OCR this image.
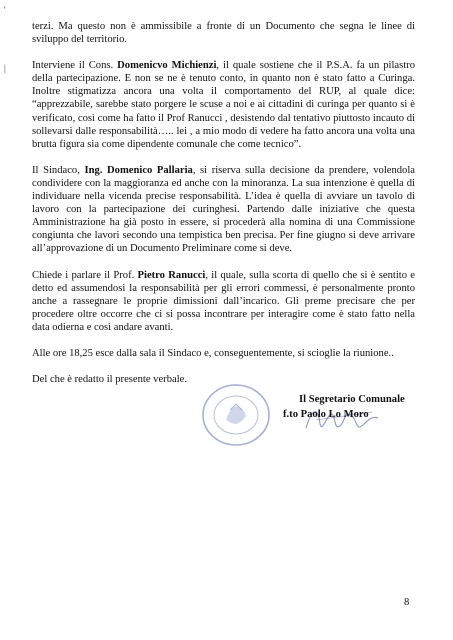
'
|

terzi. Ma questo non è ammissibile a fronte di un Documento che segna le linee di sviluppo del territorio.

Interviene il Cons. Domenicvo Michienzi, il quale sostiene che il P.S.A. fa un pilastro della partecipazione. E non se ne è tenuto conto, in quanto non è stato fatto a Curinga. Inoltre stigmatizza ancora una volta il comportamento del RUP, al quale dice: “apprezzabile, sarebbe stato porgere le scuse a noi e ai cittadini di curinga per quanto si è verificato, così come ha fatto il Prof Ranucci , desistendo dal tentativo piuttosto incauto di sollevarsi dalle responsabilità….. lei , a mio modo di vedere ha fatto ancora una volta una brutta figura sia come dipendente comunale che come tecnico”.

Il Sindaco, Ing. Domenico Pallaria, si riserva sulla decisione da prendere, volendola condividere con la maggioranza ed anche con la minoranza. La sua intenzione è quella di individuare nella vicenda precise responsabilità. L’idea è quella di avviare un tavolo di lavoro con la partecipazione dei curinghesi. Partendo dalle iniziative che questa Amministrazione ha già posto in essere, si procederà alla nomina di una Commissione congiunta che lavori secondo una tempistica ben precisa. Per fine giugno si deve arrivare all’approvazione di un Documento Preliminare come si deve.

Chiede i parlare il Prof. Pietro Ranucci, il quale, sulla scorta di quello che si è sentito e detto ed assumendosi la responsabilità per gli errori commessi, è personalmente pronto anche a rassegnare le proprie dimissioni dall’incarico. Gli preme precisare che per procedere oltre occorre che ci si possa incontrare per interagire come è stato fatto nella data odierna e così andare avanti.

Alle ore 18,25 esce dalla sala il Sindaco e, conseguentemente, si scioglie la riunione..

Del che è redatto il presente verbale.

Il Segretario Comunale
f.to Paolo Lo Moro
8
